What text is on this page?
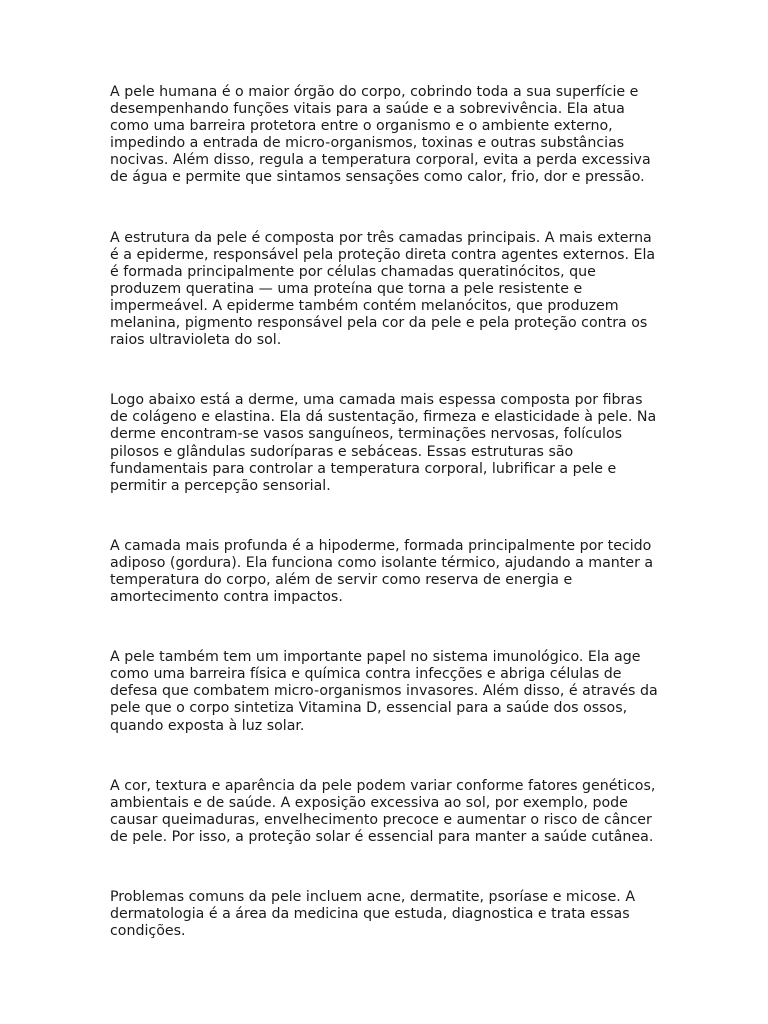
A pele humana é o maior órgão do corpo, cobrindo toda a sua superfície e
desempenhando funções vitais para a saúde e a sobrevivência. Ela atua
como uma barreira protetora entre o organismo e o ambiente externo,
impedindo a entrada de micro-organismos, toxinas e outras substâncias
nocivas. Além disso, regula a temperatura corporal, evita a perda excessiva
de água e permite que sintamos sensações como calor, frio, dor e pressão.

A estrutura da pele é composta por três camadas principais. A mais externa
é a epiderme, responsável pela proteção direta contra agentes externos. Ela
é formada principalmente por células chamadas queratinócitos, que
produzem queratina — uma proteína que torna a pele resistente e
impermeável. A epiderme também contém melanócitos, que produzem
melanina, pigmento responsável pela cor da pele e pela proteção contra os
raios ultravioleta do sol.

Logo abaixo está a derme, uma camada mais espessa composta por fibras
de colágeno e elastina. Ela dá sustentação, firmeza e elasticidade à pele. Na
derme encontram-se vasos sanguíneos, terminações nervosas, folículos
pilosos e glândulas sudoríparas e sebáceas. Essas estruturas são
fundamentais para controlar a temperatura corporal, lubrificar a pele e
permitir a percepção sensorial.

A camada mais profunda é a hipoderme, formada principalmente por tecido
adiposo (gordura). Ela funciona como isolante térmico, ajudando a manter a
temperatura do corpo, além de servir como reserva de energia e
amortecimento contra impactos.

A pele também tem um importante papel no sistema imunológico. Ela age
como uma barreira física e química contra infecções e abriga células de
defesa que combatem micro-organismos invasores. Além disso, é através da
pele que o corpo sintetiza Vitamina D, essencial para a saúde dos ossos,
quando exposta à luz solar.

A cor, textura e aparência da pele podem variar conforme fatores genéticos,
ambientais e de saúde. A exposição excessiva ao sol, por exemplo, pode
causar queimaduras, envelhecimento precoce e aumentar o risco de câncer
de pele. Por isso, a proteção solar é essencial para manter a saúde cutânea.

Problemas comuns da pele incluem acne, dermatite, psoríase e micose. A
dermatologia é a área da medicina que estuda, diagnostica e trata essas
condições.
